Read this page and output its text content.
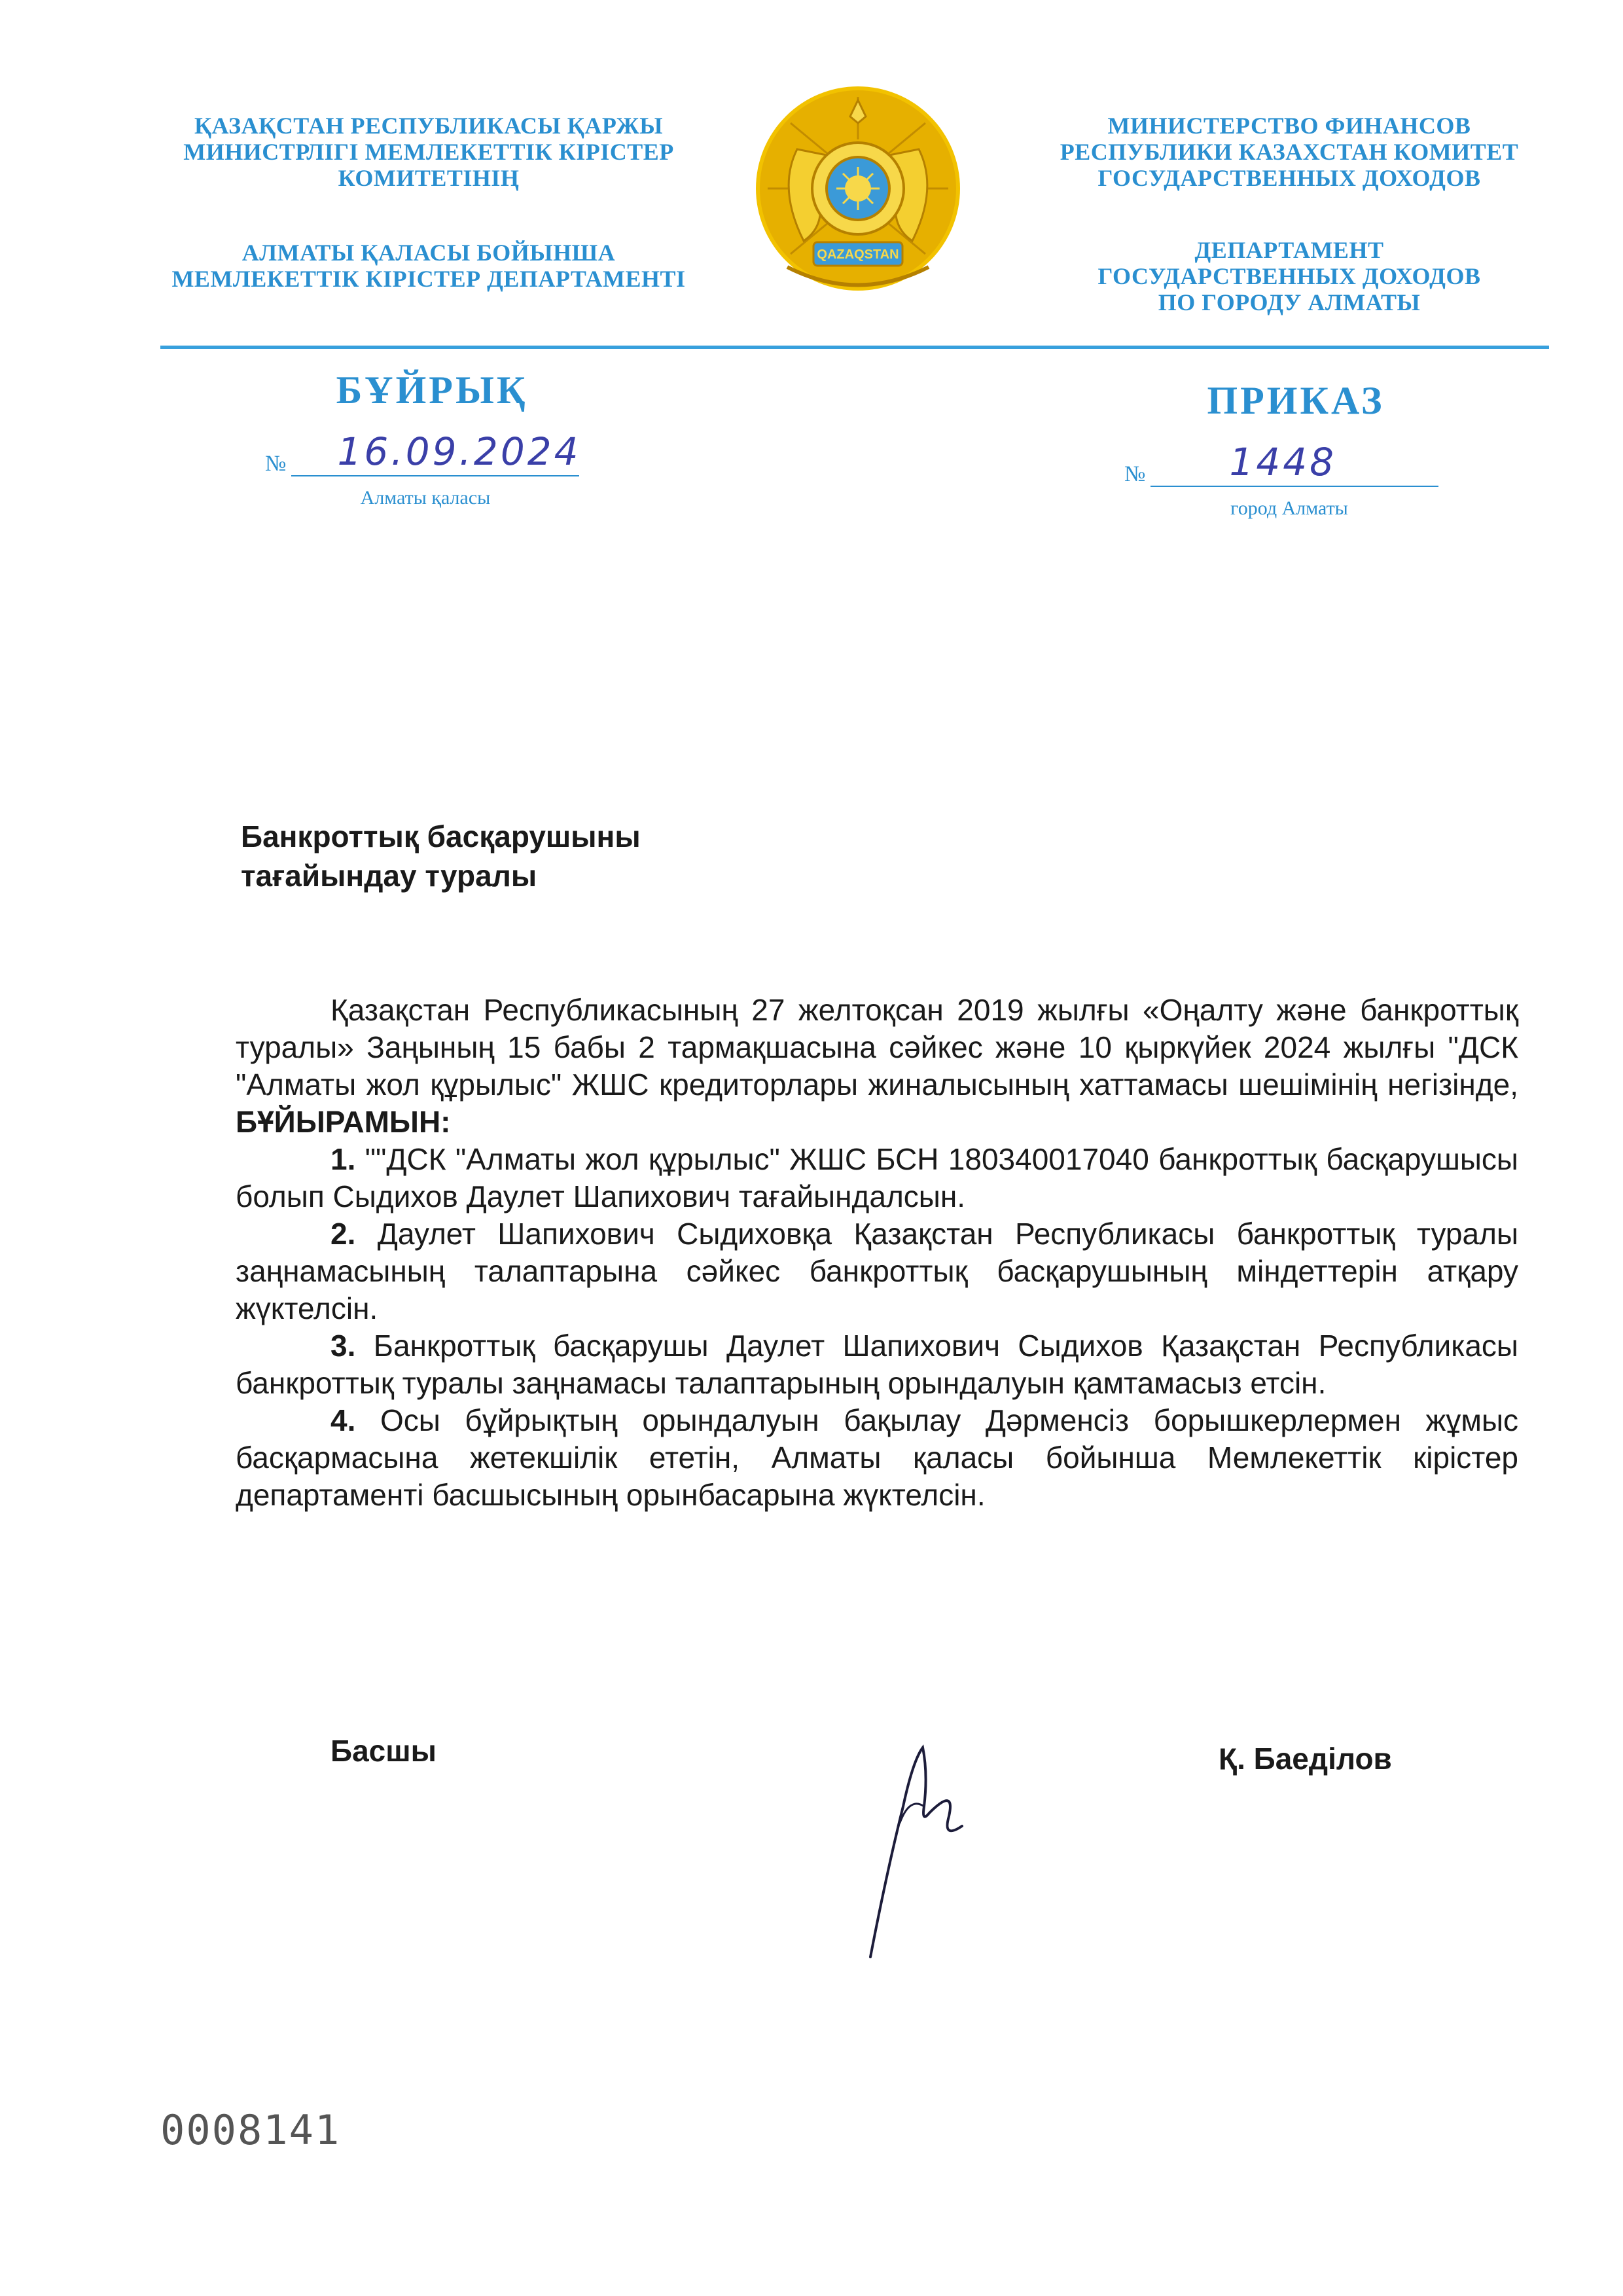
ҚАЗАҚСТАН РЕСПУБЛИКАСЫ ҚАРЖЫ
МИНИСТРЛІГІ МЕМЛЕКЕТТІК КІРІСТЕР
КОМИТЕТІНІҢ
АЛМАТЫ ҚАЛАСЫ БОЙЫНША
МЕМЛЕКЕТТІК КІРІСТЕР ДЕПАРТАМЕНТІ
QAZAQSTAN
МИНИСТЕРСТВО ФИНАНСОВ
РЕСПУБЛИКИ КАЗАХСТАН КОМИТЕТ
ГОСУДАРСТВЕННЫХ ДОХОДОВ
ДЕПАРТАМЕНТ
ГОСУДАРСТВЕННЫХ ДОХОДОВ
ПО ГОРОДУ АЛМАТЫ
БҰЙРЫҚ	ПРИКАЗ
№ 16.09.2024
Алматы қаласы
№ 1448
город Алматы
Банкроттық басқарушыны
тағайындау туралы

Қазақстан Республикасының 27 желтоқсан 2019 жылғы «Оңалту және банкроттық туралы» Заңының 15 бабы 2 тармақшасына сәйкес және 10 қыркүйек 2024 жылғы "ДСК "Алматы жол құрылыс" ЖШС кредиторлары жиналысының хаттамасы шешімінің негізінде, БҰЙЫРАМЫН:

1. ""ДСК "Алматы жол құрылыс" ЖШС БСН 180340017040 банкроттық басқарушысы болып Сыдихов Даулет Шапихович тағайындалсын.

2. Даулет Шапихович Сыдиховқа Қазақстан Республикасы банкроттық туралы заңнамасының талаптарына сәйкес банкроттық басқарушының міндеттерін атқару жүктелсін.

3. Банкроттық басқарушы Даулет Шапихович Сыдихов Қазақстан Республикасы банкроттық туралы заңнамасы талаптарының орындалуын қамтамасыз етсін.

4. Осы бұйрықтың орындалуын бақылау Дәрменсіз борышкерлермен жұмыс басқармасына жетекшілік ететін, Алматы қаласы бойынша Мемлекеттік кірістер департаменті басшысының орынбасарына жүктелсін.

Басшы	Қ. Баеділов
0008141
